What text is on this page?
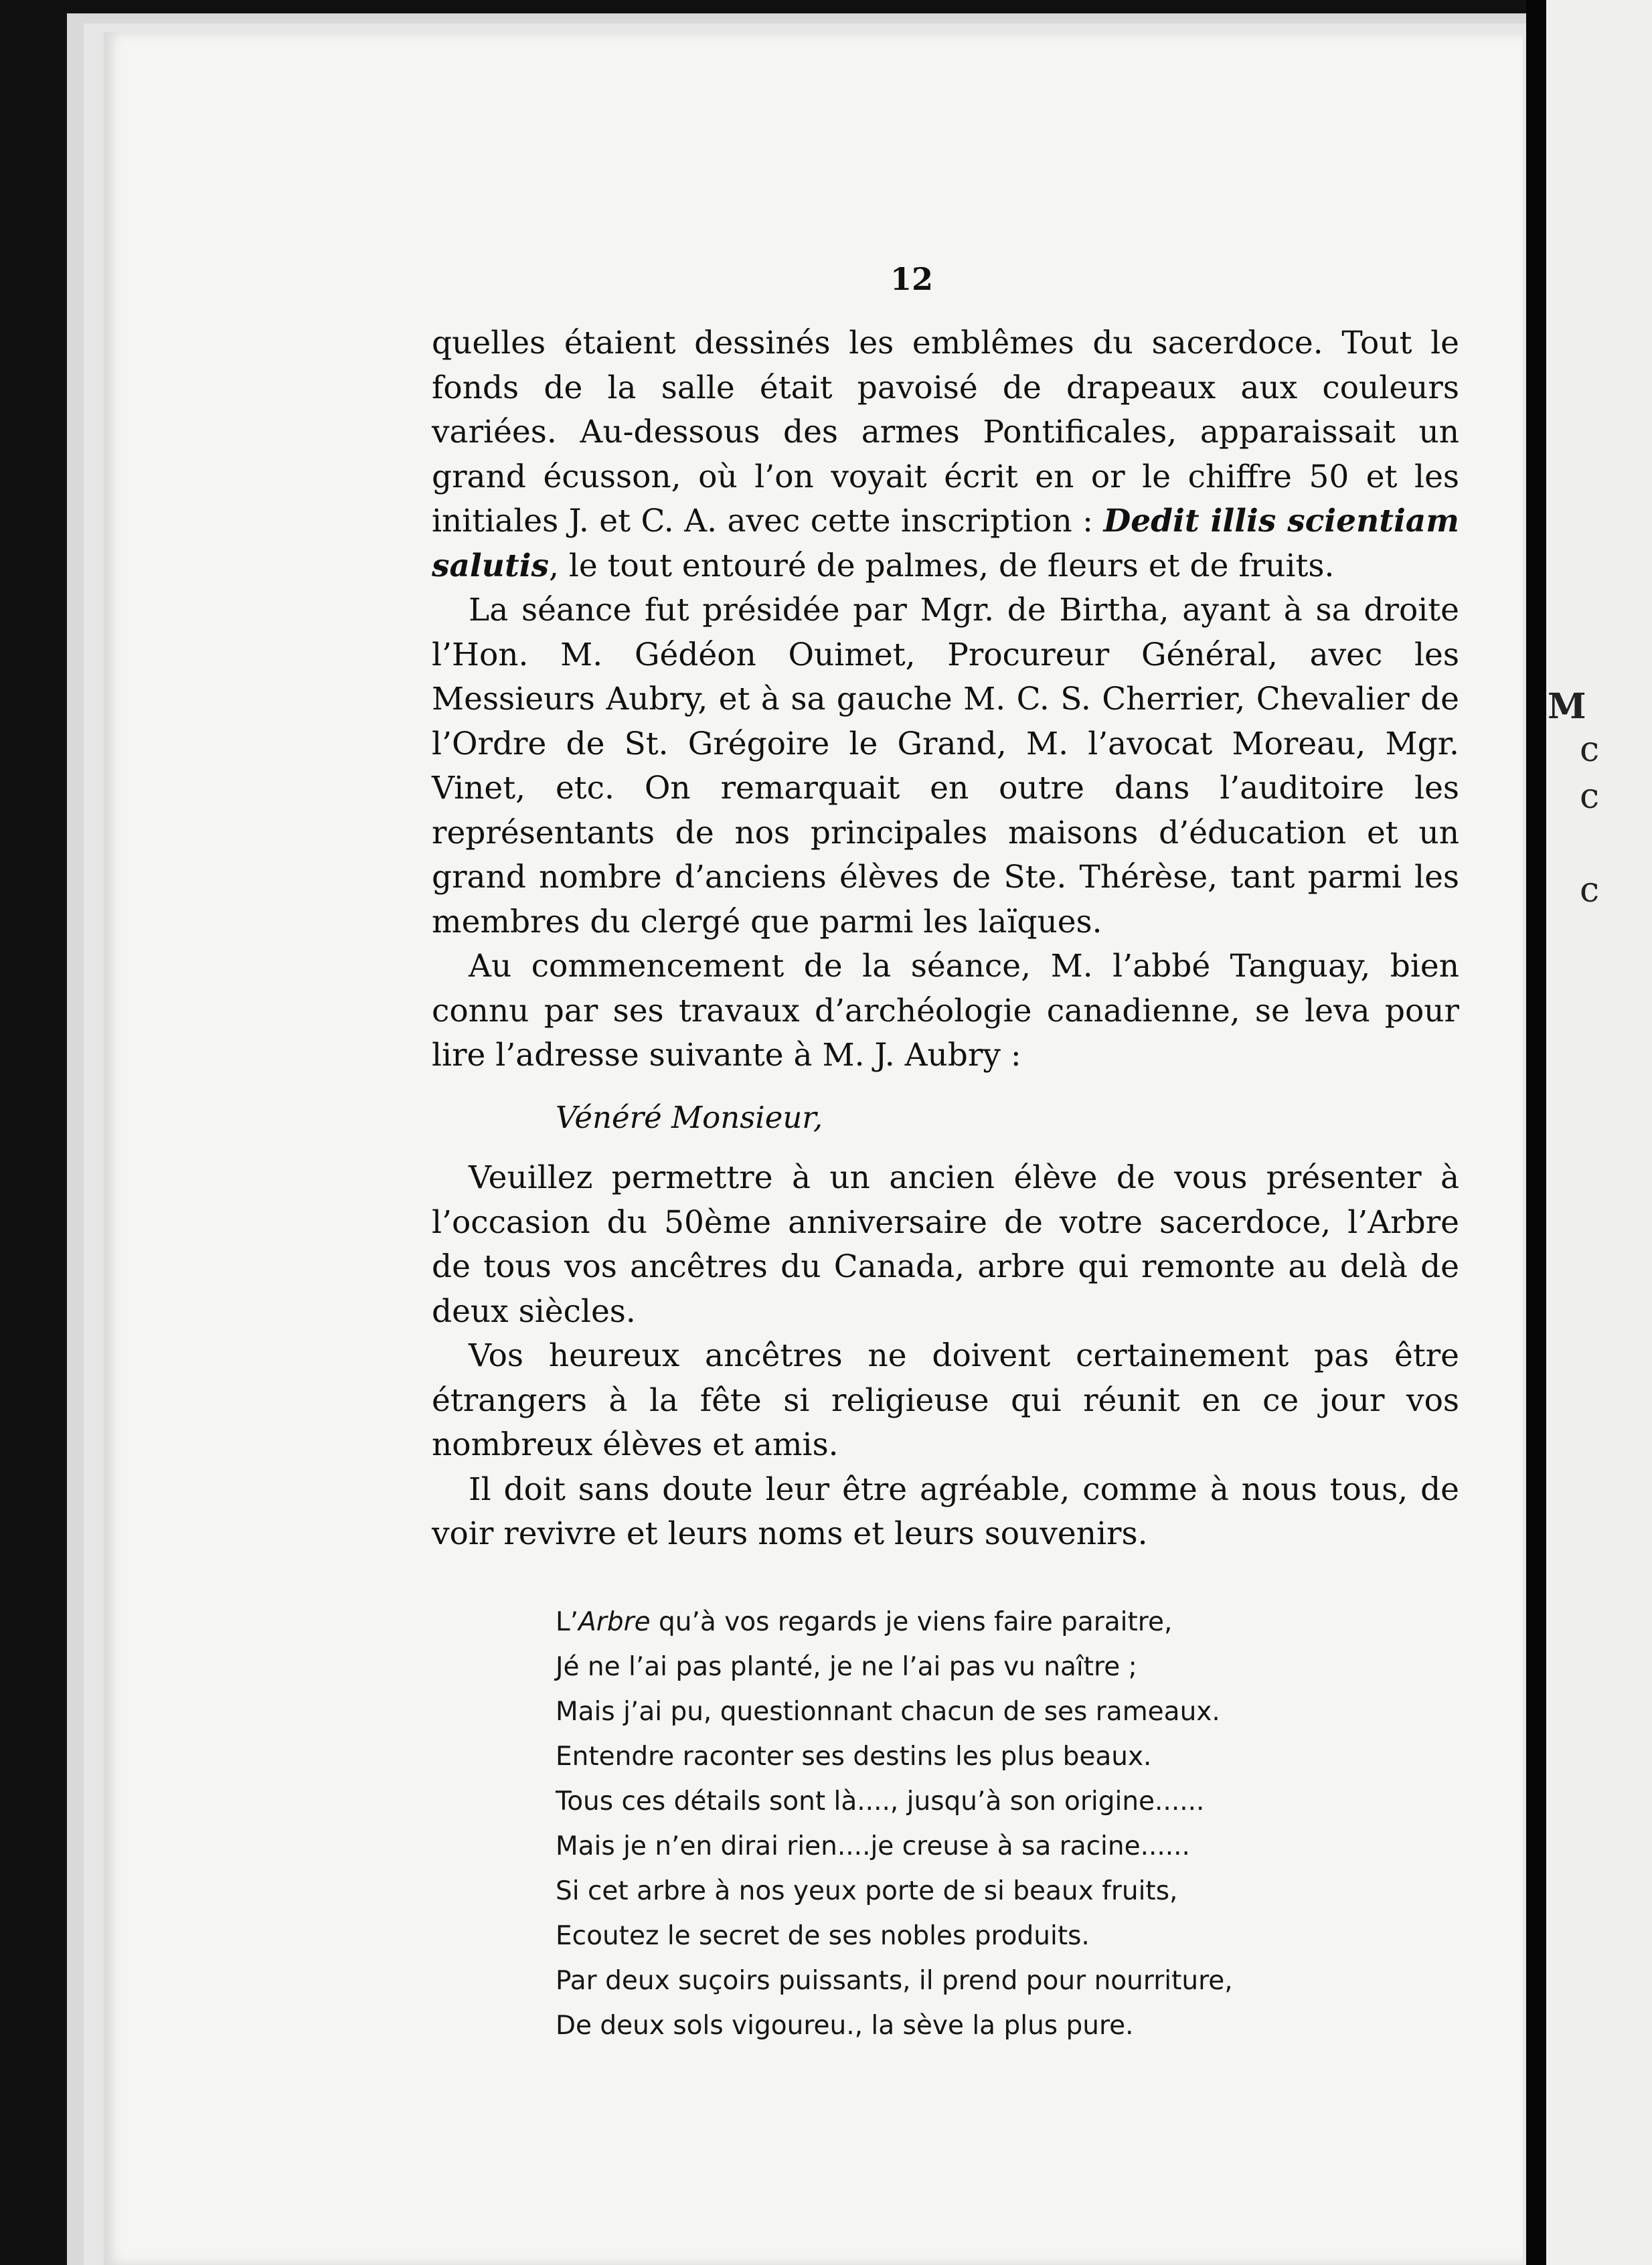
12

quelles étaient dessinés les emblêmes du sacerdoce. Tout le fonds de la salle était pavoisé de drapeaux aux couleurs variées. Au-dessous des armes Pontificales, apparaissait un grand écusson, où l’on voyait écrit en or le chiffre 50 et les initiales J. et C. A. avec cette inscription : Dedit illis scientiam salutis, le tout entouré de palmes, de fleurs et de fruits.

La séance fut présidée par Mgr. de Birtha, ayant à sa droite l’Hon. M. Gédéon Ouimet, Procureur Général, avec les Messieurs Aubry, et à sa gauche M. C. S. Cherrier, Chevalier de l’Ordre de St. Grégoire le Grand, M. l’avocat Moreau, Mgr. Vinet, etc. On remarquait en outre dans l’auditoire les représentants de nos principales maisons d’éducation et un grand nombre d’anciens élèves de Ste. Thérèse, tant parmi les membres du clergé que parmi les laïques.

Au commencement de la séance, M. l’abbé Tanguay, bien connu par ses travaux d’archéologie canadienne, se leva pour lire l’adresse suivante à M. J. Aubry :

Vénéré Monsieur,

Veuillez permettre à un ancien élève de vous présenter à l’occasion du 50ème anniversaire de votre sacerdoce, l’Arbre de tous vos ancêtres du Canada, arbre qui remonte au delà de deux siècles.

Vos heureux ancêtres ne doivent certainement pas être étrangers à la fête si religieuse qui réunit en ce jour vos nombreux élèves et amis.

Il doit sans doute leur être agréable, comme à nous tous, de voir revivre et leurs noms et leurs souvenirs.

L’Arbre qu’à vos regards je viens faire paraitre,
Jé ne l’ai pas planté, je ne l’ai pas vu naître ;
Mais j’ai pu, questionnant chacun de ses rameaux.
Entendre raconter ses destins les plus beaux.
Tous ces détails sont là...., jusqu’à son origine......
Mais je n’en dirai rien....je creuse à sa racine......
Si cet arbre à nos yeux porte de si beaux fruits,
Ecoutez le secret de ses nobles produits.
Par deux suçoirs puissants, il prend pour nourriture,
De deux sols vigoureu., la sève la plus pure.
M
c
c
c
